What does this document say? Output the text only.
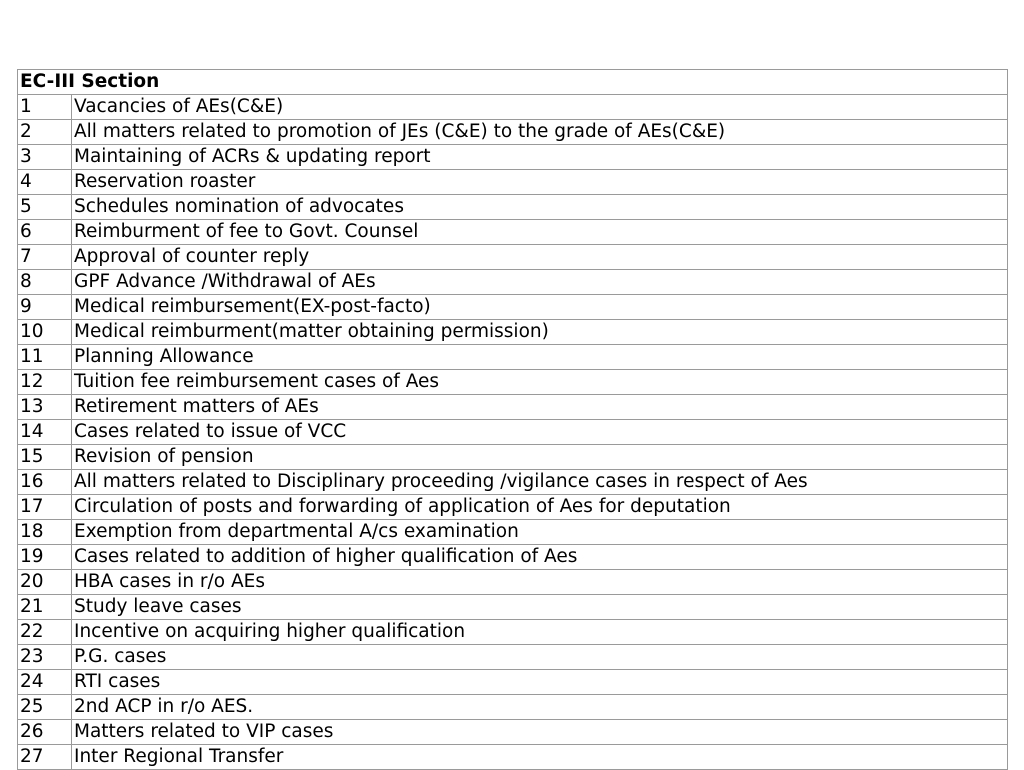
EC-III Section	
1	Vacancies of AEs(C&E)
2	All matters related to promotion of JEs (C&E) to the grade of AEs(C&E)
3	Maintaining of ACRs & updating report
4	Reservation roaster
5	Schedules nomination of advocates
6	Reimburment of fee to Govt. Counsel
7	Approval of counter reply
8	GPF Advance /Withdrawal of AEs
9	Medical reimbursement(EX-post-facto)
10	Medical reimburment(matter obtaining permission)
11	Planning Allowance
12	Tuition fee reimbursement cases of Aes
13	Retirement matters of AEs
14	Cases related to issue of VCC
15	Revision of pension
16	All matters related to Disciplinary proceeding /vigilance cases in respect of Aes
17	Circulation of posts and forwarding of application of Aes for deputation
18	Exemption from departmental A/cs examination
19	Cases related to addition of higher qualification of Aes
20	HBA cases in r/o AEs
21	Study leave cases
22	Incentive on acquiring higher qualification
23	P.G. cases
24	RTI cases
25	2nd ACP in r/o AES.
26	Matters related to VIP cases
27	Inter Regional Transfer
